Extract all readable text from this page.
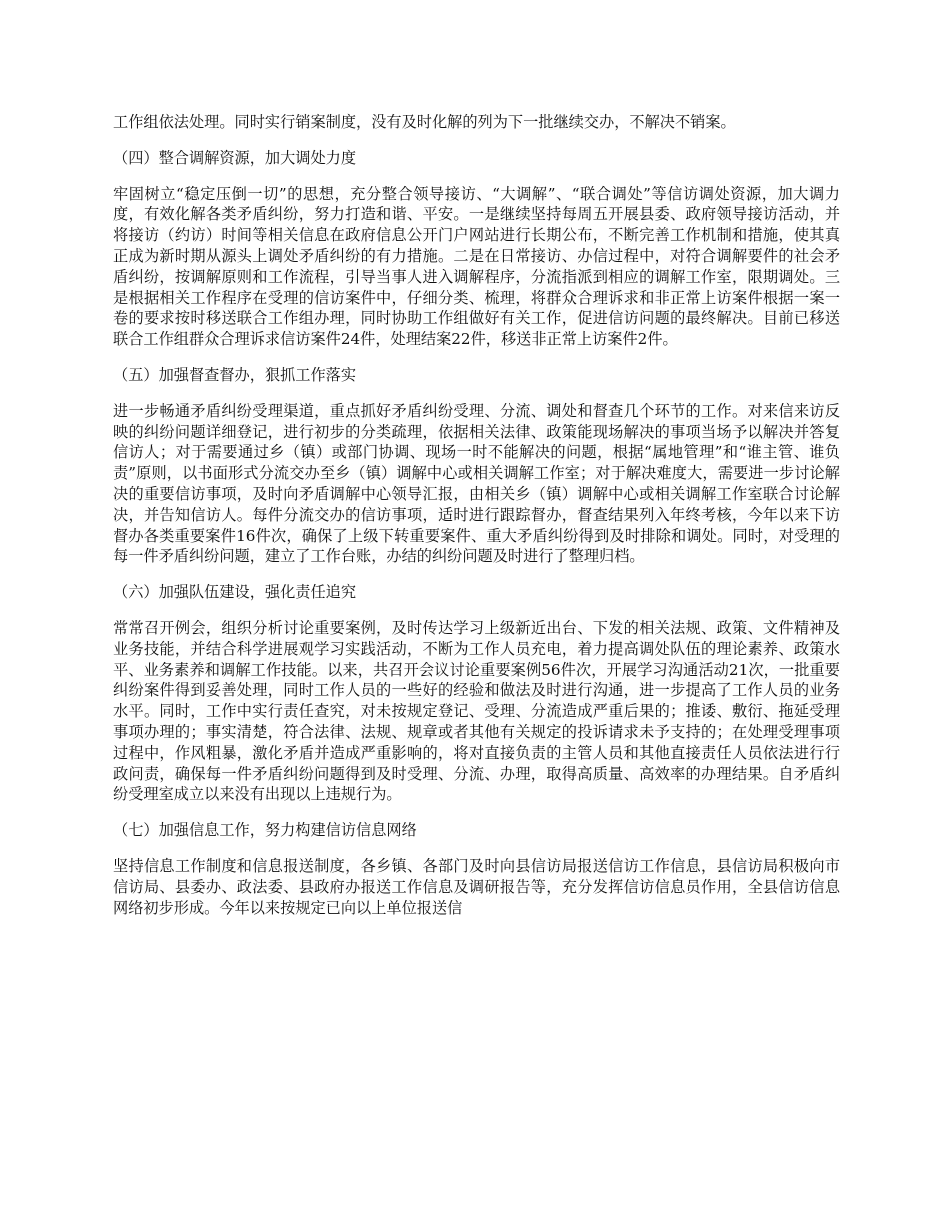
工作组依法处理。同时实行销案制度，没有及时化解的列为下一批继续交办，不解决不销案。

（四）整合调解资源，加大调处力度

牢固树立“稳定压倒一切”的思想，充分整合领导接访、“大调解”、“联合调处”等信访调处资源，加大调力度，有效化解各类矛盾纠纷，努力打造和谐、平安。一是继续坚持每周五开展县委、政府领导接访活动，并将接访（约访）时间等相关信息在政府信息公开门户网站进行长期公布，不断完善工作机制和措施，使其真正成为新时期从源头上调处矛盾纠纷的有力措施。二是在日常接访、办信过程中，对符合调解要件的社会矛盾纠纷，按调解原则和工作流程，引导当事人进入调解程序，分流指派到相应的调解工作室，限期调处。三是根据相关工作程序在受理的信访案件中，仔细分类、梳理，将群众合理诉求和非正常上访案件根据一案一卷的要求按时移送联合工作组办理，同时协助工作组做好有关工作，促进信访问题的最终解决。目前已移送联合工作组群众合理诉求信访案件24件，处理结案22件，移送非正常上访案件2件。

（五）加强督查督办，狠抓工作落实

进一步畅通矛盾纠纷受理渠道，重点抓好矛盾纠纷受理、分流、调处和督查几个环节的工作。对来信来访反映的纠纷问题详细登记，进行初步的分类疏理，依据相关法律、政策能现场解决的事项当场予以解决并答复信访人；对于需要通过乡（镇）或部门协调、现场一时不能解决的问题，根据“属地管理”和“谁主管、谁负责”原则，以书面形式分流交办至乡（镇）调解中心或相关调解工作室；对于解决难度大，需要进一步讨论解决的重要信访事项，及时向矛盾调解中心领导汇报，由相关乡（镇）调解中心或相关调解工作室联合讨论解决，并告知信访人。每件分流交办的信访事项，适时进行跟踪督办，督查结果列入年终考核，今年以来下访督办各类重要案件16件次，确保了上级下转重要案件、重大矛盾纠纷得到及时排除和调处。同时，对受理的每一件矛盾纠纷问题，建立了工作台账，办结的纠纷问题及时进行了整理归档。

（六）加强队伍建设，强化责任追究

常常召开例会，组织分析讨论重要案例，及时传达学习上级新近出台、下发的相关法规、政策、文件精神及业务技能，并结合科学进展观学习实践活动，不断为工作人员充电，着力提高调处队伍的理论素养、政策水平、业务素养和调解工作技能。以来，共召开会议讨论重要案例56件次，开展学习沟通活动21次，一批重要纠纷案件得到妥善处理，同时工作人员的一些好的经验和做法及时进行沟通，进一步提高了工作人员的业务水平。同时，工作中实行责任查究，对未按规定登记、受理、分流造成严重后果的；推诿、敷衍、拖延受理事项办理的；事实清楚，符合法律、法规、规章或者其他有关规定的投诉请求未予支持的；在处理受理事项过程中，作风粗暴，激化矛盾并造成严重影响的，将对直接负责的主管人员和其他直接责任人员依法进行行政问责，确保每一件矛盾纠纷问题得到及时受理、分流、办理，取得高质量、高效率的办理结果。自矛盾纠纷受理室成立以来没有出现以上违规行为。

（七）加强信息工作，努力构建信访信息网络

坚持信息工作制度和信息报送制度，各乡镇、各部门及时向县信访局报送信访工作信息，县信访局积极向市信访局、县委办、政法委、县政府办报送工作信息及调研报告等，充分发挥信访信息员作用，全县信访信息网络初步形成。今年以来按规定已向以上单位报送信
